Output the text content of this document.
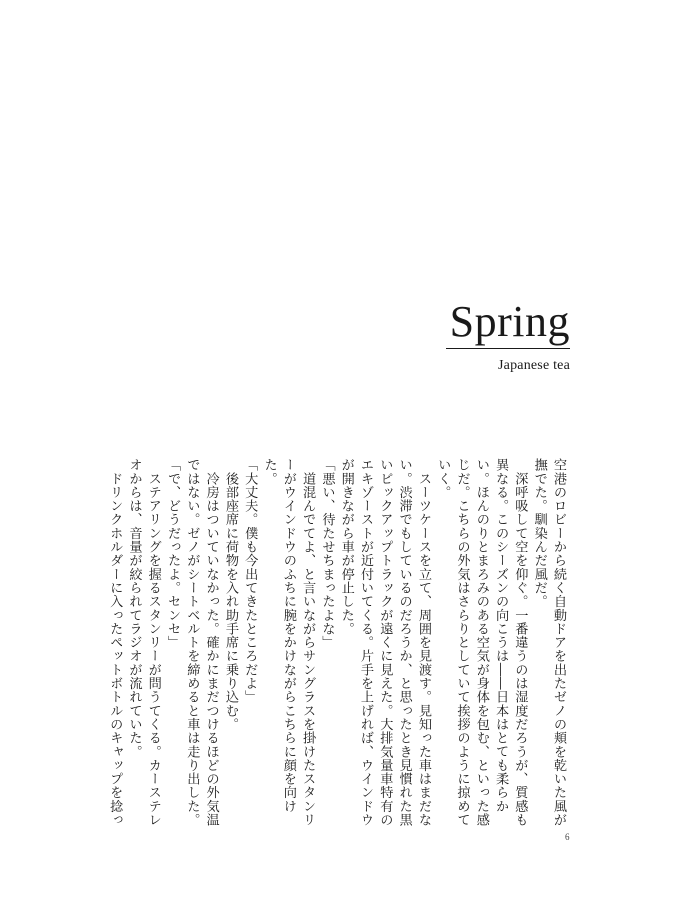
Spring
Japanese tea

空港のロビーから続く自動ドアを出たゼノの頬を乾いた風が撫でた。馴染んだ風だ。

　深呼吸して空を仰ぐ。一番違うのは湿度だろうが、質感も異なる。このシーズンの向こうは――日本はとても柔らかい。ほんのりとまろみのある空気が身体を包む、といった感じだ。こちらの外気はさらりとしていて挨拶のように掠めていく。

　スーツケースを立て、周囲を見渡す。見知った車はまだない。渋滞でもしているのだろうか、と思ったとき見慣れた黒いピックアップトラックが遠くに見えた。大排気量車特有のエキゾーストが近付いてくる。片手を上げれば、ウインドウが開きながら車が停止した。

「悪い、待たせちまったよな」

　道混んでてよ、と言いながらサングラスを掛けたスタンリーがウインドウのふちに腕をかけながらこちらに顔を向けた。

「大丈夫。僕も今出てきたところだよ」

　後部座席に荷物を入れ助手席に乗り込む。

　冷房はついていなかった。確かにまだつけるほどの外気温ではない。ゼノがシートベルトを締めると車は走り出した。

「で、どうだったよ。センセ」

　ステアリングを握るスタンリーが問うてくる。カーステレオからは、音量が絞られてラジオが流れていた。

　ドリンクホルダーに入ったペットボトルのキャップを捻っ

6
